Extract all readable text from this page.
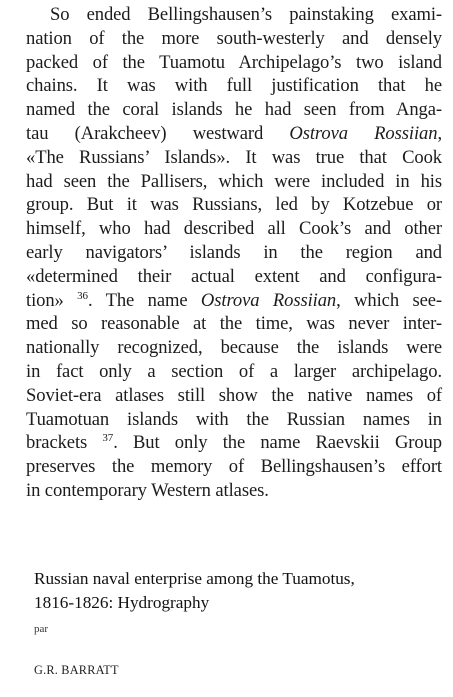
So ended Bellingshausen’s painstaking exami-
nation of the more south-westerly and densely
packed of the Tuamotu Archipelago’s two island
chains. It was with full justification that he
named the coral islands he had seen from Anga-
tau (Arakcheev) westward Ostrova Rossiian,
«The Russians’ Islands». It was true that Cook
had seen the Pallisers, which were included in his
group. But it was Russians, led by Kotzebue or
himself, who had described all Cook’s and other
early navigators’ islands in the region and
«determined their actual extent and configura-
tion» $^{36}$. The name Ostrova Rossiian, which see-
med so reasonable at the time, was never inter-
nationally recognized, because the islands were
in fact only a section of a larger archipelago.
Soviet-era atlases still show the native names of
Tuamotuan islands with the Russian names in
brackets $^{37}$. But only the name Raevskii Group
preserves the memory of Bellingshausen’s effort
in contemporary Western atlases.
Russian naval enterprise among the Tuamotus,
1816-1826: Hydrography
par
G.R. BARRATT
